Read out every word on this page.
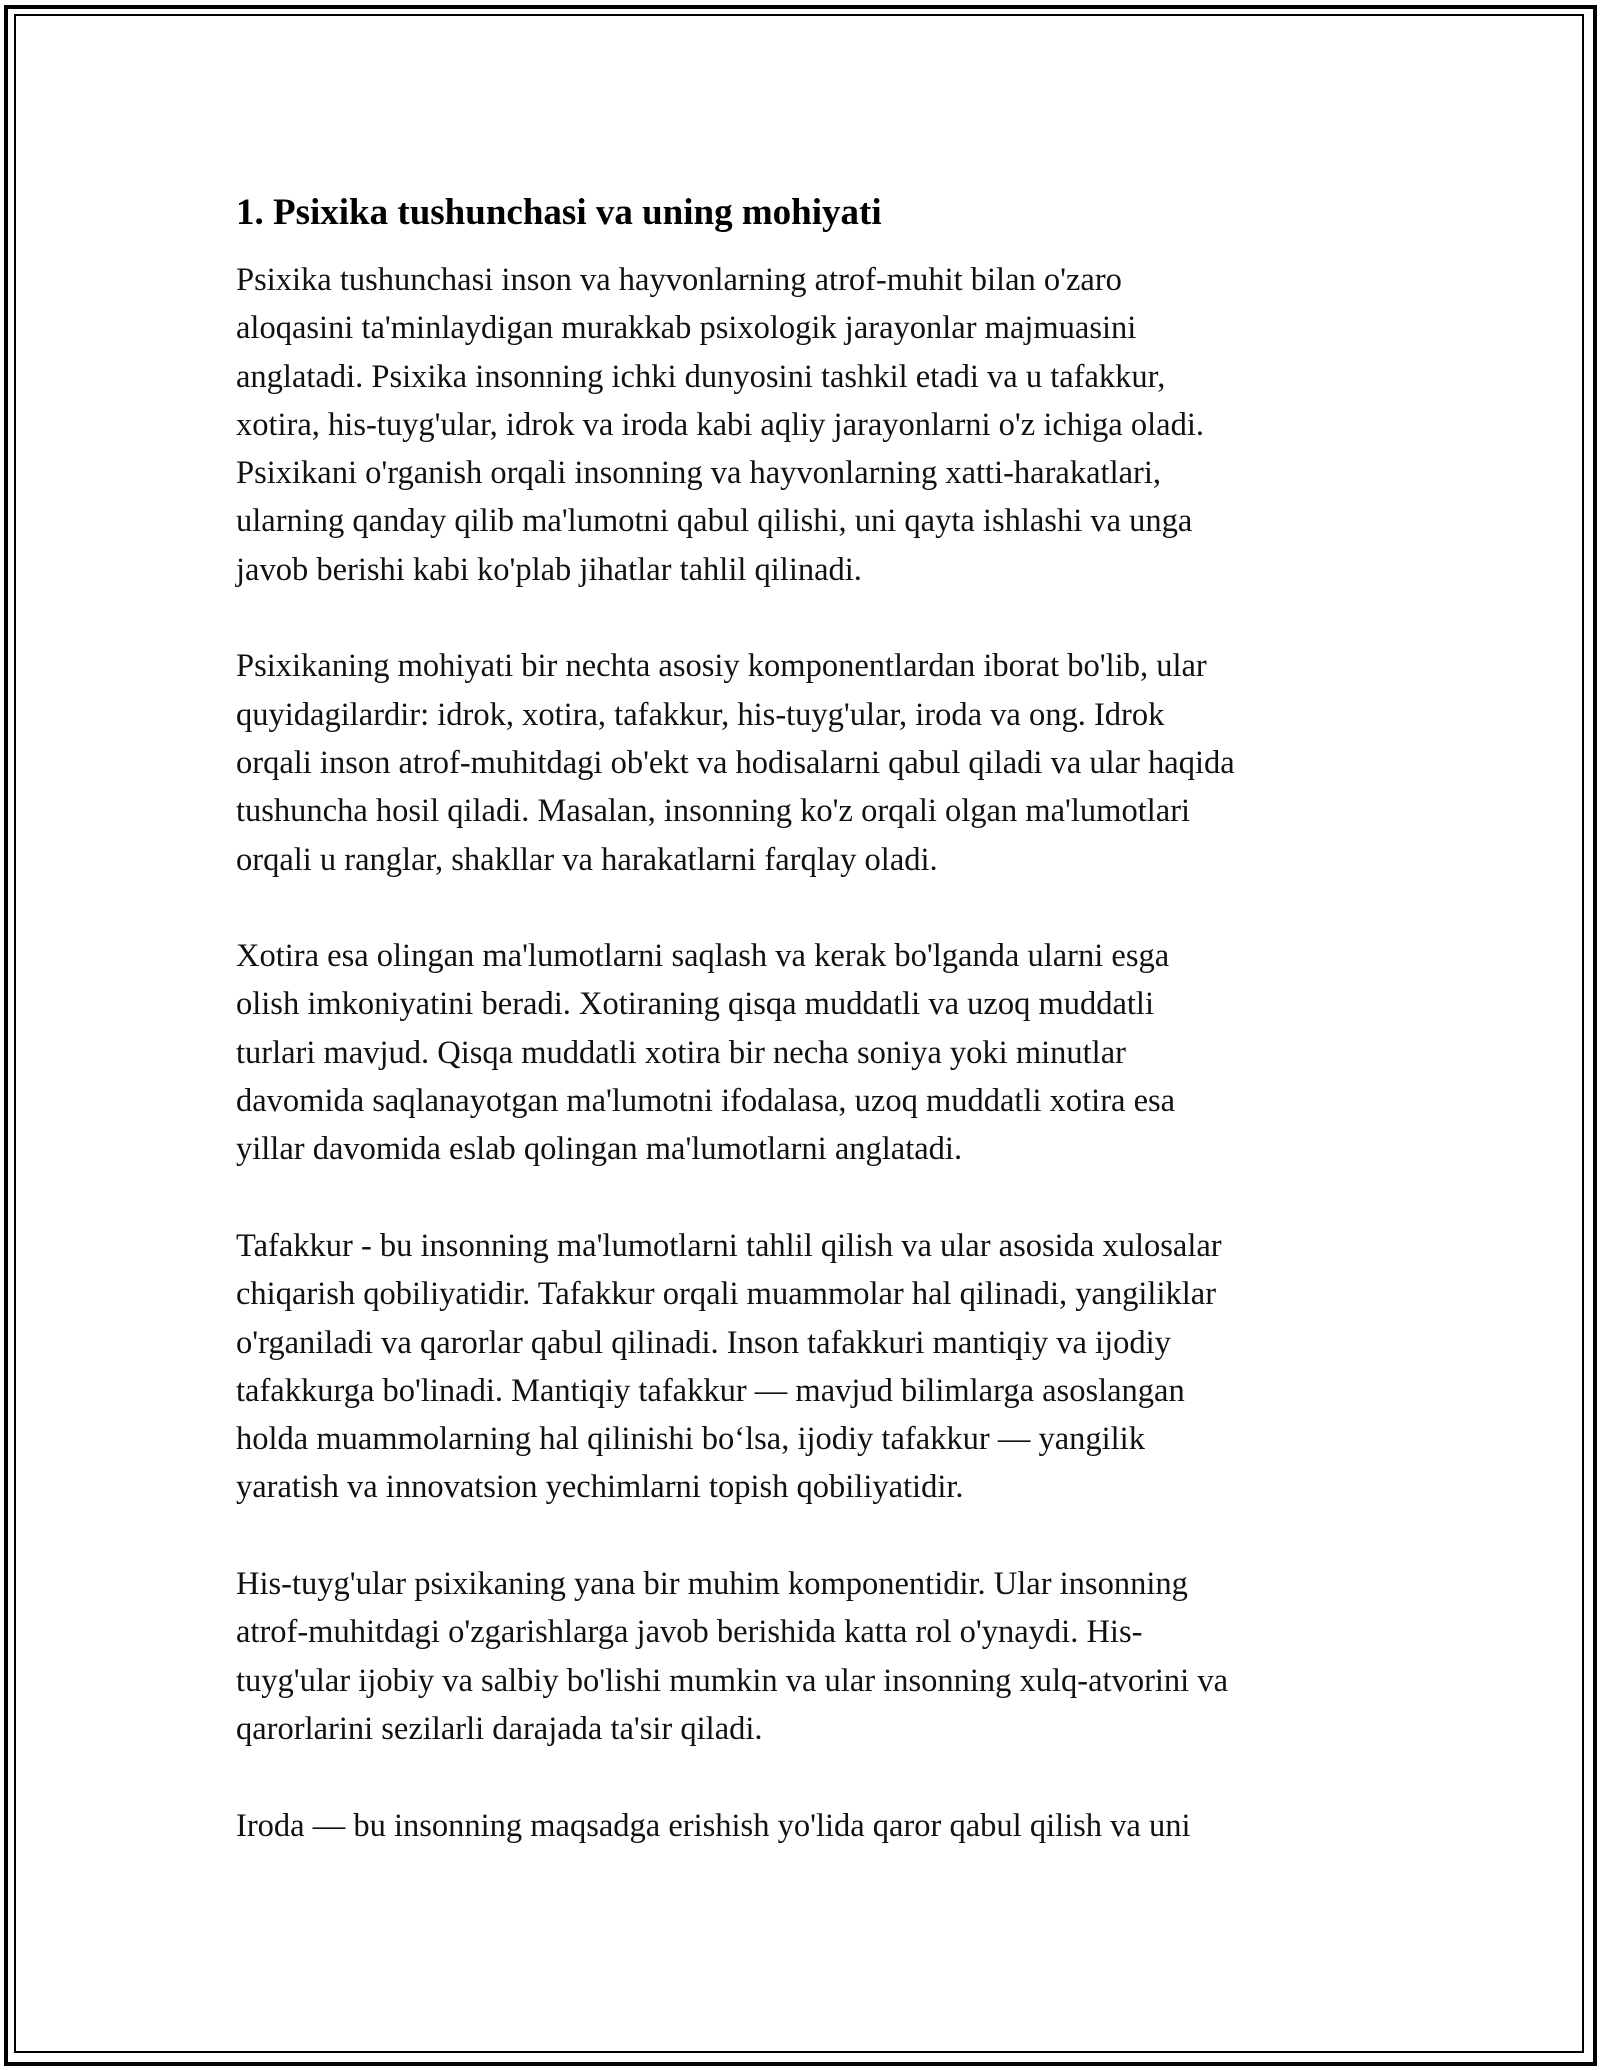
1. Psixika tushunchasi va uning mohiyati

Psixika tushunchasi inson va hayvonlarning atrof-muhit bilan o'zaro
aloqasini ta'minlaydigan murakkab psixologik jarayonlar majmuasini
anglatadi. Psixika insonning ichki dunyosini tashkil etadi va u tafakkur,
xotira, his-tuyg'ular, idrok va iroda kabi aqliy jarayonlarni o'z ichiga oladi.
Psixikani o'rganish orqali insonning va hayvonlarning xatti-harakatlari,
ularning qanday qilib ma'lumotni qabul qilishi, uni qayta ishlashi va unga
javob berishi kabi ko'plab jihatlar tahlil qilinadi.

Psixikaning mohiyati bir nechta asosiy komponentlardan iborat bo'lib, ular
quyidagilardir: idrok, xotira, tafakkur, his-tuyg'ular, iroda va ong. Idrok
orqali inson atrof-muhitdagi ob'ekt va hodisalarni qabul qiladi va ular haqida
tushuncha hosil qiladi. Masalan, insonning ko'z orqali olgan ma'lumotlari
orqali u ranglar, shakllar va harakatlarni farqlay oladi.

Xotira esa olingan ma'lumotlarni saqlash va kerak bo'lganda ularni esga
olish imkoniyatini beradi. Xotiraning qisqa muddatli va uzoq muddatli
turlari mavjud. Qisqa muddatli xotira bir necha soniya yoki minutlar
davomida saqlanayotgan ma'lumotni ifodalasa, uzoq muddatli xotira esa
yillar davomida eslab qolingan ma'lumotlarni anglatadi.

Tafakkur - bu insonning ma'lumotlarni tahlil qilish va ular asosida xulosalar
chiqarish qobiliyatidir. Tafakkur orqali muammolar hal qilinadi, yangiliklar
o'rganiladi va qarorlar qabul qilinadi. Inson tafakkuri mantiqiy va ijodiy
tafakkurga bo'linadi. Mantiqiy tafakkur — mavjud bilimlarga asoslangan
holda muammolarning hal qilinishi bo‘lsa, ijodiy tafakkur — yangilik
yaratish va innovatsion yechimlarni topish qobiliyatidir.

His-tuyg'ular psixikaning yana bir muhim komponentidir. Ular insonning
atrof-muhitdagi o'zgarishlarga javob berishida katta rol o'ynaydi. His-
tuyg'ular ijobiy va salbiy bo'lishi mumkin va ular insonning xulq-atvorini va
qarorlarini sezilarli darajada ta'sir qiladi.

Iroda — bu insonning maqsadga erishish yo'lida qaror qabul qilish va uni
